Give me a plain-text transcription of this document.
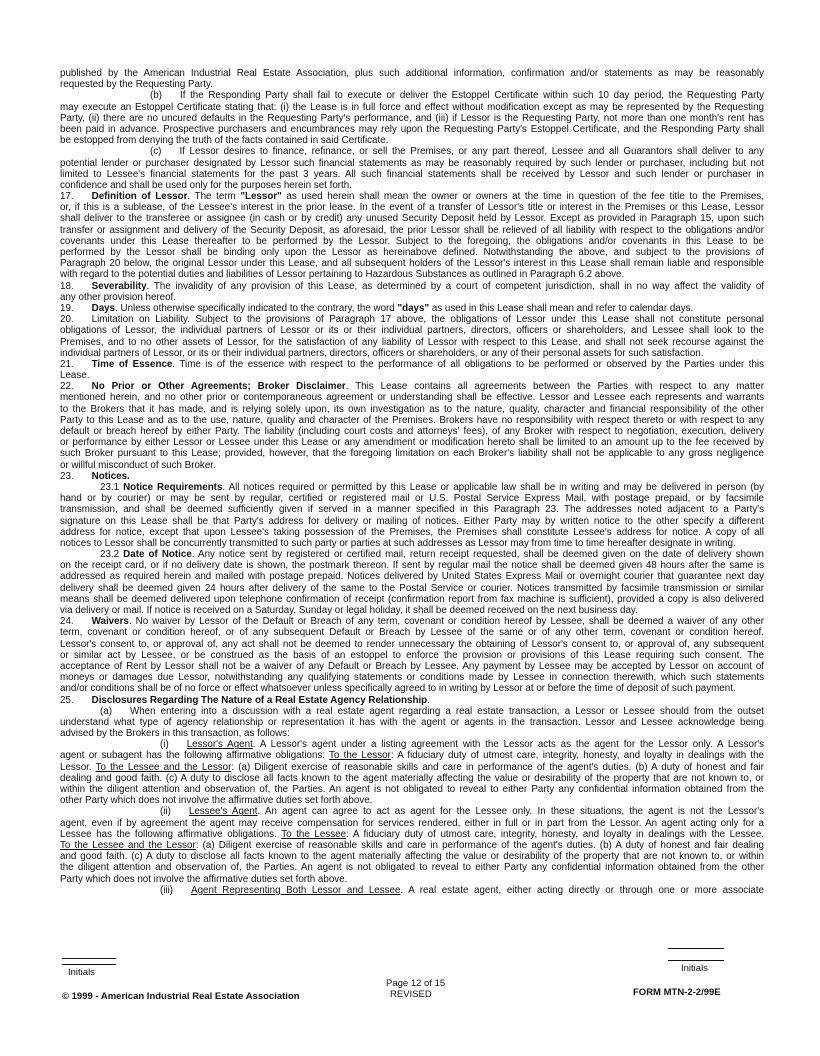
published by the American Industrial Real Estate Association, plus such additional information, confirmation and/or statements as may be reasonably
requested by the Requesting Party.
(b) If the Responding Party shall fail to execute or deliver the Estoppel Certificate within such 10 day period, the Requesting Party
may execute an Estoppel Certificate stating that: (i) the Lease is in full force and effect without modification except as may be represented by the Requesting
Party, (ii) there are no uncured defaults in the Requesting Party's performance, and (iii) if Lessor is the Requesting Party, not more than one month's rent has
been paid in advance. Prospective purchasers and encumbrances may rely upon the Requesting Party's Estoppel Certificate, and the Responding Party shall
be estopped from denying the truth of the facts contained in said Certificate.
(c) If Lessor desires to finance, refinance, or sell the Premises, or any part thereof, Lessee and all Guarantors shall deliver to any
potential lender or purchaser designated by Lessor such financial statements as may be reasonably required by such lender or purchaser, including but not
limited to Lessee's financial statements for the past 3 years. All such financial statements shall be received by Lessor and such lender or purchaser in
confidence and shall be used only for the purposes herein set forth.
17. Definition of Lessor. The term "Lessor" as used herein shall mean the owner or owners at the time in question of the fee title to the Premises,
or, if this is a sublease, of the Lessee's interest in the prior lease. In the event of a transfer of Lessor's title or interest in the Premises or this Lease, Lessor
shall deliver to the transferee or assignee (in cash or by credit) any unused Security Deposit held by Lessor. Except as provided in Paragraph 15, upon such
transfer or assignment and delivery of the Security Deposit, as aforesaid, the prior Lessor shall be relieved of all liability with respect to the obligations and/or
covenants under this Lease thereafter to be performed by the Lessor. Subject to the foregoing, the obligations and/or covenants in this Lease to be
performed by the Lessor shall be binding only upon the Lessor as hereinabove defined. Notwithstanding the above, and subject to the provisions of
Paragraph 20 below, the original Lessor under this Lease, and all subsequent holders of the Lessor's interest in this Lease shall remain liable and responsible
with regard to the potential duties and liabilities of Lessor pertaining to Hazardous Substances as outlined in Paragraph 6.2 above.
18. Severability. The invalidity of any provision of this Lease, as determined by a court of competent jurisdiction, shall in no way affect the validity of
any other provision hereof.
19. Days. Unless otherwise specifically indicated to the contrary, the word "days" as used in this Lease shall mean and refer to calendar days.
20. Limitation on Liability. Subject to the provisions of Paragraph 17 above, the obligations of Lessor under this Lease shall not constitute personal
obligations of Lessor, the individual partners of Lessor or its or their individual partners, directors, officers or shareholders, and Lessee shall look to the
Premises, and to no other assets of Lessor, for the satisfaction of any liability of Lessor with respect to this Lease, and shall not seek recourse against the
individual partners of Lessor, or its or their individual partners, directors, officers or shareholders, or any of their personal assets for such satisfaction.
21. Time of Essence. Time is of the essence with respect to the performance of all obligations to be performed or observed by the Parties under this
Lease.
22. No Prior or Other Agreements; Broker Disclaimer. This Lease contains all agreements between the Parties with respect to any matter
mentioned herein, and no other prior or contemporaneous agreement or understanding shall be effective. Lessor and Lessee each represents and warrants
to the Brokers that it has made, and is relying solely upon, its own investigation as to the nature, quality, character and financial responsibility of the other
Party to this Lease and as to the use, nature, quality and character of the Premises. Brokers have no responsibility with respect thereto or with respect to any
default or breach hereof by either Party. The liability (including court costs and attorneys' fees), of any Broker with respect to negotiation, execution, delivery
or performance by either Lessor or Lessee under this Lease or any amendment or modification hereto shall be limited to an amount up to the fee received by
such Broker pursuant to this Lease; provided, however, that the foregoing limitation on each Broker's liability shall not be applicable to any gross negligence
or willful misconduct of such Broker.
23. Notices.
23.1 Notice Requirements. All notices required or permitted by this Lease or applicable law shall be in writing and may be delivered in person (by
hand or by courier) or may be sent by regular, certified or registered mail or U.S. Postal Service Express Mail, with postage prepaid, or by facsimile
transmission, and shall be deemed sufficiently given if served in a manner specified in this Paragraph 23. The addresses noted adjacent to a Party's
signature on this Lease shall be that Party's address for delivery or mailing of notices. Either Party may by written notice to the other specify a different
address for notice, except that upon Lessee's taking possession of the Premises, the Premises shall constitute Lessee's address for notice. A copy of all
notices to Lessor shall be concurrently transmitted to such party or parties at such addresses as Lessor may from time to time hereafter designate in writing.
23.2 Date of Notice. Any notice sent by registered or certified mail, return receipt requested, shall be deemed given on the date of delivery shown
on the receipt card, or if no delivery date is shown, the postmark thereon. If sent by regular mail the notice shall be deemed given 48 hours after the same is
addressed as required herein and mailed with postage prepaid. Notices delivered by United States Express Mail or overnight courier that guarantee next day
delivery shall be deemed given 24 hours after delivery of the same to the Postal Service or courier. Notices transmitted by facsimile transmission or similar
means shall be deemed delivered upon telephone confirmation of receipt (confirmation report from fax machine is sufficient), provided a copy is also delivered
via delivery or mail. If notice is received on a Saturday, Sunday or legal holiday, it shall be deemed received on the next business day.
24. Waivers. No waiver by Lessor of the Default or Breach of any term, covenant or condition hereof by Lessee, shall be deemed a waiver of any other
term, covenant or condition hereof, or of any subsequent Default or Breach by Lessee of the same or of any other term, covenant or condition hereof.
Lessor's consent to, or approval of, any act shall not be deemed to render unnecessary the obtaining of Lessor's consent to, or approval of, any subsequent
or similar act by Lessee, or be construed as the basis of an estoppel to enforce the provision or provisions of this Lease requiring such consent. The
acceptance of Rent by Lessor shall not be a waiver of any Default or Breach by Lessee. Any payment by Lessee may be accepted by Lessor on account of
moneys or damages due Lessor, notwithstanding any qualifying statements or conditions made by Lessee in connection therewith, which such statements
and/or conditions shall be of no force or effect whatsoever unless specifically agreed to in writing by Lessor at or before the time of deposit of such payment.
25. Disclosures Regarding The Nature of a Real Estate Agency Relationship.
(a) When entering into a discussion with a real estate agent regarding a real estate transaction, a Lessor or Lessee should from the outset
understand what type of agency relationship or representation it has with the agent or agents in the transaction. Lessor and Lessee acknowledge being
advised by the Brokers in this transaction, as follows:
(i) Lessor's Agent. A Lessor's agent under a listing agreement with the Lessor acts as the agent for the Lessor only. A Lessor's
agent or subagent has the following affirmative obligations: To the Lessor: A fiduciary duty of utmost care, integrity, honesty, and loyalty in dealings with the
Lessor. To the Lessee and the Lessor: (a) Diligent exercise of reasonable skills and care in performance of the agent's duties. (b) A duty of honest and fair
dealing and good faith. (c) A duty to disclose all facts known to the agent materially affecting the value or desirability of the property that are not known to, or
within the diligent attention and observation of, the Parties. An agent is not obligated to reveal to either Party any confidential information obtained from the
other Party which does not involve the affirmative duties set forth above.
(ii) Lessee's Agent. An agent can agree to act as agent for the Lessee only. In these situations, the agent is not the Lessor's
agent, even if by agreement the agent may receive compensation for services rendered, either in full or in part from the Lessor. An agent acting only for a
Lessee has the following affirmative obligations. To the Lessee: A fiduciary duty of utmost care, integrity, honesty, and loyalty in dealings with the Lessee.
To the Lessee and the Lessor: (a) Diligent exercise of reasonable skills and care in performance of the agent's duties. (b) A duty of honest and fair dealing
and good faith. (c) A duty to disclose all facts known to the agent materially affecting the value or desirability of the property that are not known to, or within
the diligent attention and observation of, the Parties. An agent is not obligated to reveal to either Party any confidential information obtained from the other
Party which does not involve the affirmative duties set forth above.
(iii) Agent Representing Both Lessor and Lessee. A real estate agent, either acting directly or through one or more associate
Initials	Initials
Page 12 of 15
REVISED
© 1999 - American Industrial Real Estate Association	FORM MTN-2-2/99E
